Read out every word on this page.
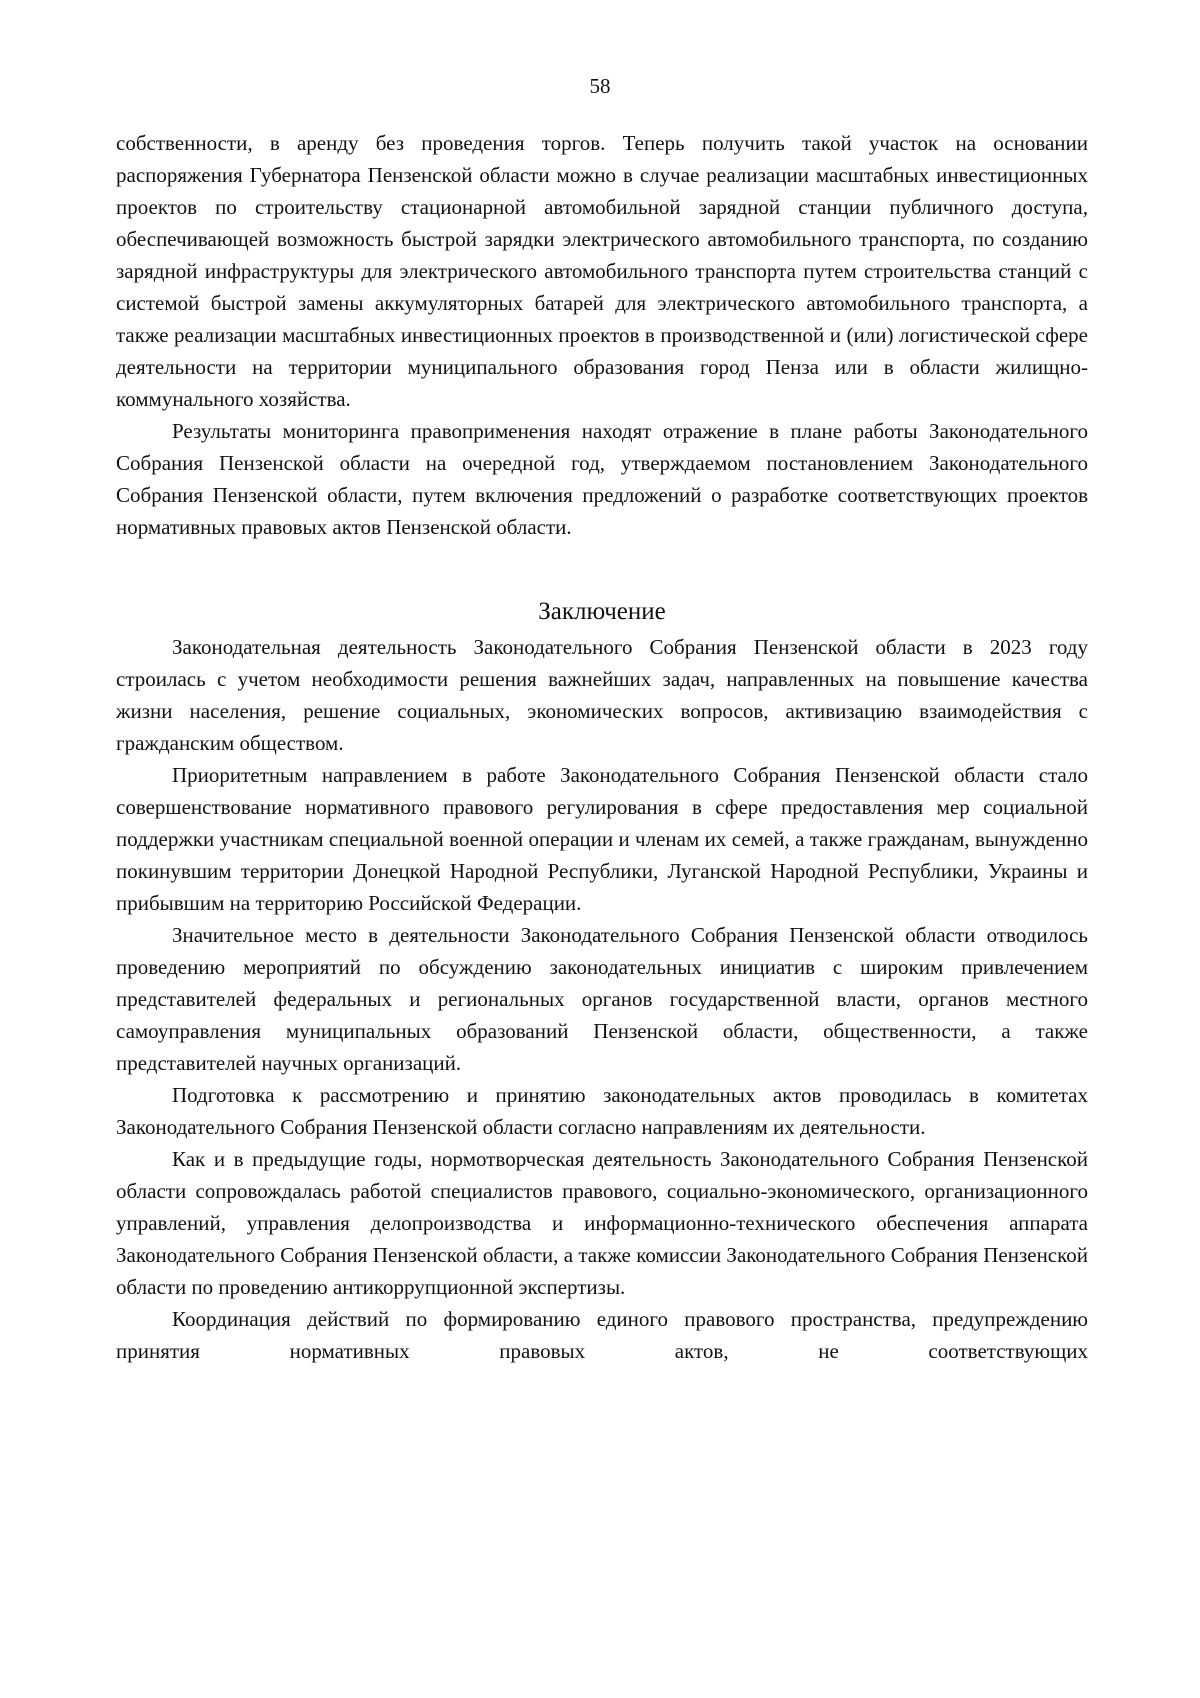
58

собственности, в аренду без проведения торгов. Теперь получить такой участок на основании распоряжения Губернатора Пензенской области можно в случае реализации масштабных инвестиционных проектов по строительству стационарной автомобильной зарядной станции публичного доступа, обеспечивающей возможность быстрой зарядки электрического автомобильного транспорта, по созданию зарядной инфраструктуры для электрического автомобильного транспорта путем строительства станций с системой быстрой замены аккумуляторных батарей для электрического автомобильного транспорта, а также реализации масштабных инвестиционных проектов в производственной и (или) логистической сфере деятельности на территории муниципального образования город Пенза или в области жилищно-коммунального хозяйства.

Результаты мониторинга правоприменения находят отражение в плане работы Законодательного Собрания Пензенской области на очередной год, утверждаемом постановлением Законодательного Собрания Пензенской области, путем включения предложений о разработке соответствующих проектов нормативных правовых актов Пензенской области.

Заключение

Законодательная деятельность Законодательного Собрания Пензенской области в 2023 году строилась с учетом необходимости решения важнейших задач, направленных на повышение качества жизни населения, решение социальных, экономических вопросов, активизацию взаимодействия с гражданским обществом.

Приоритетным направлением в работе Законодательного Собрания Пензенской области стало совершенствование нормативного правового регулирования в сфере предоставления мер социальной поддержки участникам специальной военной операции и членам их семей, а также гражданам, вынужденно покинувшим территории Донецкой Народной Республики, Луганской Народной Республики, Украины и прибывшим на территорию Российской Федерации.

Значительное место в деятельности Законодательного Собрания Пензенской области отводилось проведению мероприятий по обсуждению законодательных инициатив с широким привлечением представителей федеральных и региональных органов государственной власти, органов местного самоуправления муниципальных образований Пензенской области, общественности, а также представителей научных организаций.

Подготовка к рассмотрению и принятию законодательных актов проводилась в комитетах Законодательного Собрания Пензенской области согласно направлениям их деятельности.

Как и в предыдущие годы, нормотворческая деятельность Законодательного Собрания Пензенской области сопровождалась работой специалистов правового, социально-экономического, организационного управлений, управления делопроизводства и информационно-технического обеспечения аппарата Законодательного Собрания Пензенской области, а также комиссии Законодательного Собрания Пензенской области по проведению антикоррупционной экспертизы.

Координация действий по формированию единого правового пространства, предупреждению принятия нормативных правовых актов, не соответствующих
